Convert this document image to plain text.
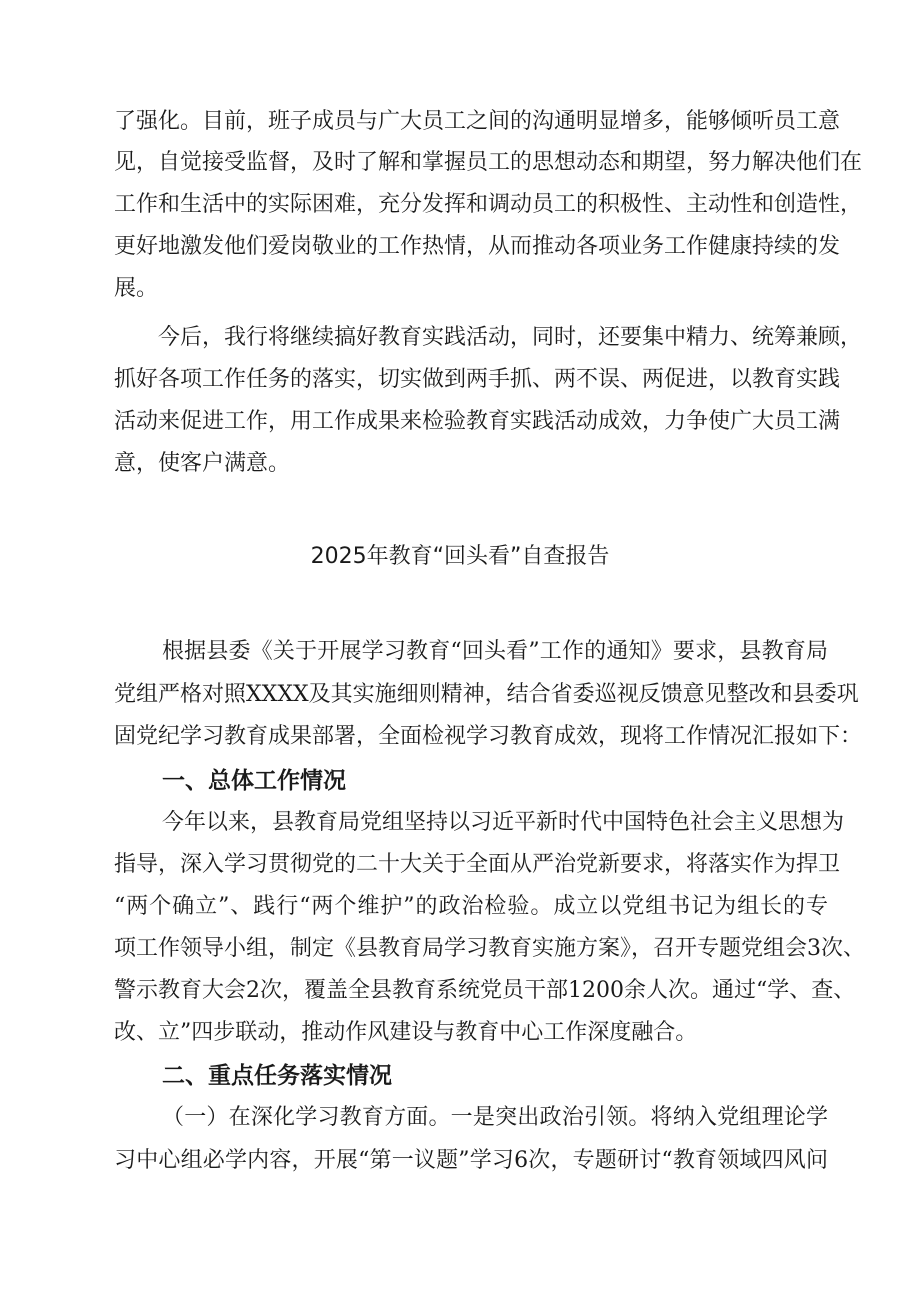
了强化。目前，班子成员与广大员工之间的沟通明显增多，能够倾听员工意
见，自觉接受监督，及时了解和掌握员工的思想动态和期望，努力解决他们在
工作和生活中的实际困难，充分发挥和调动员工的积极性、主动性和创造性，
更好地激发他们爱岗敬业的工作热情，从而推动各项业务工作健康持续的发
展。
今后，我行将继续搞好教育实践活动，同时，还要集中精力、统筹兼顾，
抓好各项工作任务的落实，切实做到两手抓、两不误、两促进，以教育实践
活动来促进工作，用工作成果来检验教育实践活动成效，力争使广大员工满
意，使客户满意。
2025年教育“回头看”自查报告
根据县委《关于开展学习教育“回头看”工作的通知》要求，县教育局
党组严格对照XXXX及其实施细则精神，结合省委巡视反馈意见整改和县委巩
固党纪学习教育成果部署，全面检视学习教育成效，现将工作情况汇报如下：
一、总体工作情况
今年以来，县教育局党组坚持以习近平新时代中国特色社会主义思想为
指导，深入学习贯彻党的二十大关于全面从严治党新要求，将落实作为捍卫
“两个确立”、践行“两个维护”的政治检验。成立以党组书记为组长的专
项工作领导小组，制定《县教育局学习教育实施方案》，召开专题党组会3次、
警示教育大会2次，覆盖全县教育系统党员干部1200余人次。通过“学、查、
改、立”四步联动，推动作风建设与教育中心工作深度融合。
二、重点任务落实情况
（一）在深化学习教育方面。一是突出政治引领。将纳入党组理论学
习中心组必学内容，开展“第一议题”学习6次，专题研讨“教育领域四风问
